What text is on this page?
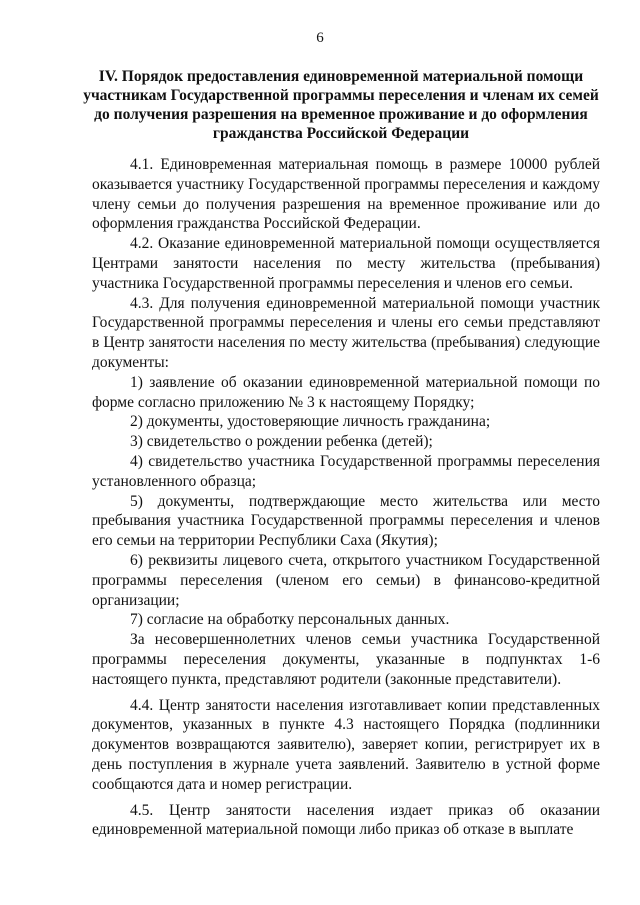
6
IV. Порядок предоставления единовременной материальной помощи участникам Государственной программы переселения и членам их семей до получения разрешения на временное проживание и до оформления гражданства Российской Федерации

4.1. Единовременная материальная помощь в размере 10000 рублей оказывается участнику Государственной программы переселения и каждому члену семьи до получения разрешения на временное проживание или до оформления гражданства Российской Федерации.

4.2. Оказание единовременной материальной помощи осуществляется Центрами занятости населения по месту жительства (пребывания) участника Государственной программы переселения и членов его семьи.

4.3. Для получения единовременной материальной помощи участник Государственной программы переселения и члены его семьи представляют в Центр занятости населения по месту жительства (пребывания) следующие документы:

1) заявление об оказании единовременной материальной помощи по форме согласно приложению № 3 к настоящему Порядку;

2) документы, удостоверяющие личность гражданина;

3) свидетельство о рождении ребенка (детей);

4) свидетельство участника Государственной программы переселения установленного образца;

5) документы, подтверждающие место жительства или место пребывания участника Государственной программы переселения и членов его семьи на территории Республики Саха (Якутия);

6) реквизиты лицевого счета, открытого участником Государственной программы переселения (членом его семьи) в финансово-кредитной организации;

7) согласие на обработку персональных данных.

За несовершеннолетних членов семьи участника Государственной программы переселения документы, указанные в подпунктах 1-6 настоящего пункта, представляют родители (законные представители).

4.4. Центр занятости населения изготавливает копии представленных документов, указанных в пункте 4.3 настоящего Порядка (подлинники документов возвращаются заявителю), заверяет копии, регистрирует их в день поступления в журнале учета заявлений. Заявителю в устной форме сообщаются дата и номер регистрации.

4.5. Центр занятости населения издает приказ об оказании единовременной материальной помощи либо приказ об отказе в выплате
